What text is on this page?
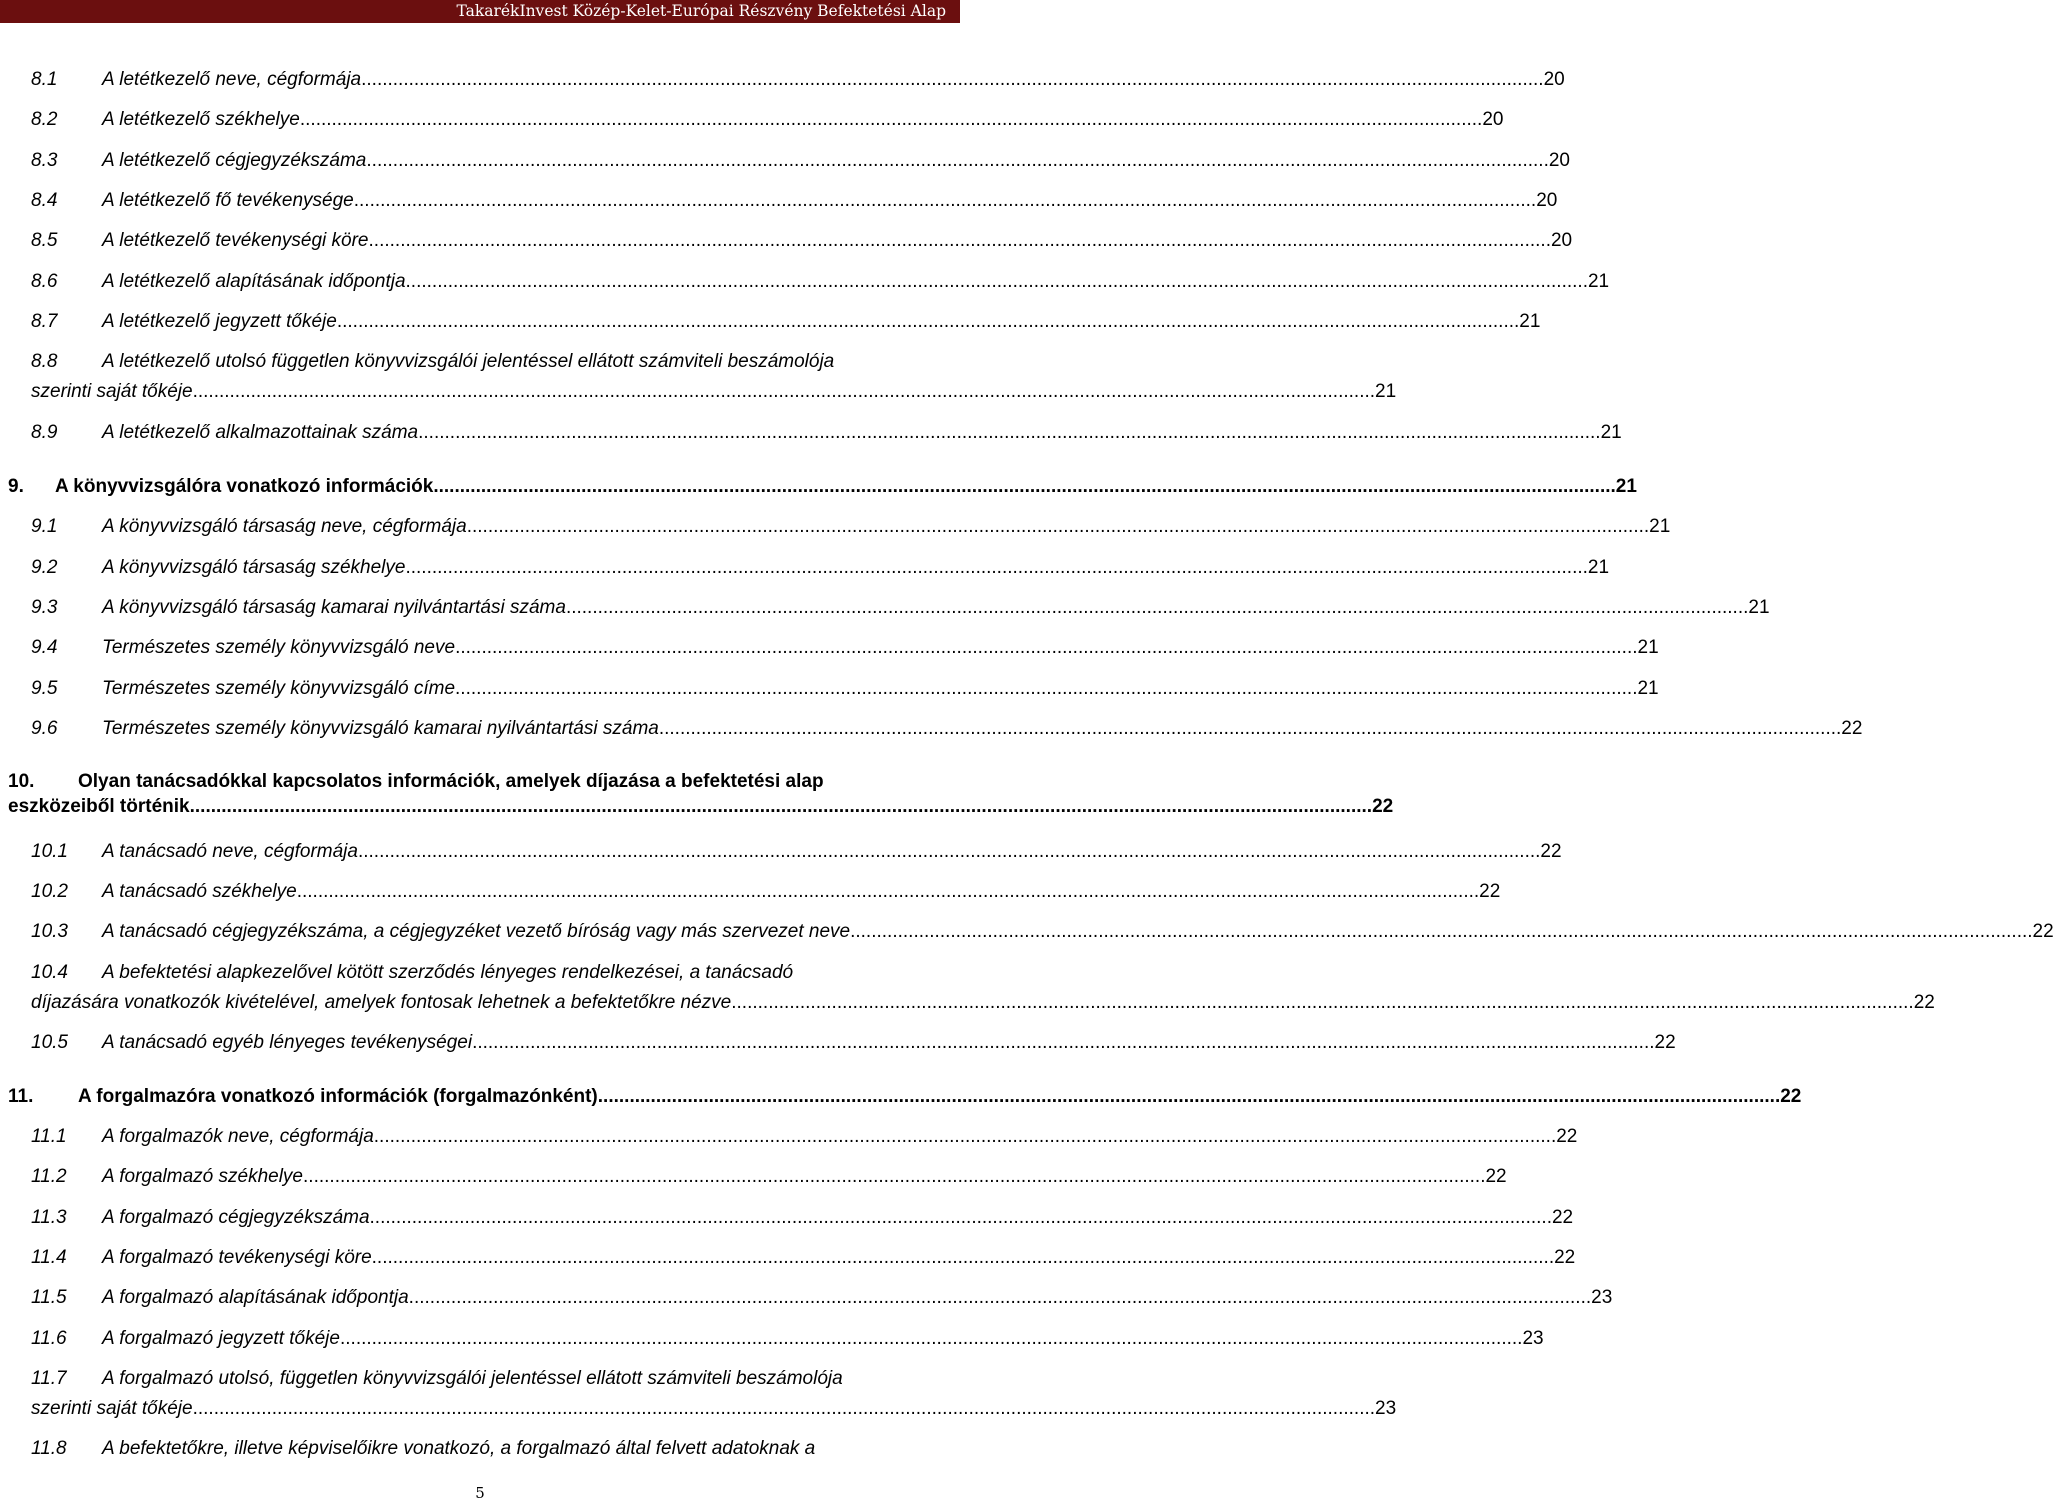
TakarékInvest Közép-Kelet-Európai Részvény Befektetési Alap
8.1 A letétkezelő neve, cégformája .....	20
8.2 A letétkezelő székhelye .....	20
8.3 A letétkezelő cégjegyzékszáma .....	20
8.4 A letétkezelő fő tevékenysége .....	20
8.5 A letétkezelő tevékenységi köre .....	20
8.6 A letétkezelő alapításának időpontja .....	21
8.7 A letétkezelő jegyzett tőkéje .....	21
8.8 A letétkezelő utolsó független könyvvizsgálói jelentéssel ellátott számviteli beszámolója
szerinti saját tőkéje .....	21
8.9 A letétkezelő alkalmazottainak száma .....	21
9. A könyvvizsgálóra vonatkozó információk .....	21
9.1 A könyvvizsgáló társaság neve, cégformája .....	21
9.2 A könyvvizsgáló társaság székhelye .....	21
9.3 A könyvvizsgáló társaság kamarai nyilvántartási száma .....	21
9.4 Természetes személy könyvvizsgáló neve .....	21
9.5 Természetes személy könyvvizsgáló címe .....	21
9.6 Természetes személy könyvvizsgáló kamarai nyilvántartási száma .....	22
10. Olyan tanácsadókkal kapcsolatos információk, amelyek díjazása a befektetési alap
eszközeiből történik .....	22
10.1 A tanácsadó neve, cégformája .....	22
10.2 A tanácsadó székhelye .....	22
10.3 A tanácsadó cégjegyzékszáma, a cégjegyzéket vezető bíróság vagy más szervezet neve .....	22
10.4 A befektetési alapkezelővel kötött szerződés lényeges rendelkezései, a tanácsadó
díjazására vonatkozók kivételével, amelyek fontosak lehetnek a befektetőkre nézve .....	22
10.5 A tanácsadó egyéb lényeges tevékenységei .....	22
11. A forgalmazóra vonatkozó információk (forgalmazónként) .....	22
11.1 A forgalmazók neve, cégformája .....	22
11.2 A forgalmazó székhelye .....	22
11.3 A forgalmazó cégjegyzékszáma .....	22
11.4 A forgalmazó tevékenységi köre .....	22
11.5 A forgalmazó alapításának időpontja .....	23
11.6 A forgalmazó jegyzett tőkéje .....	23
11.7 A forgalmazó utolsó, független könyvvizsgálói jelentéssel ellátott számviteli beszámolója
szerinti saját tőkéje .....	23
11.8 A befektetőkre, illetve képviselőikre vonatkozó, a forgalmazó által felvett adatoknak a
5
